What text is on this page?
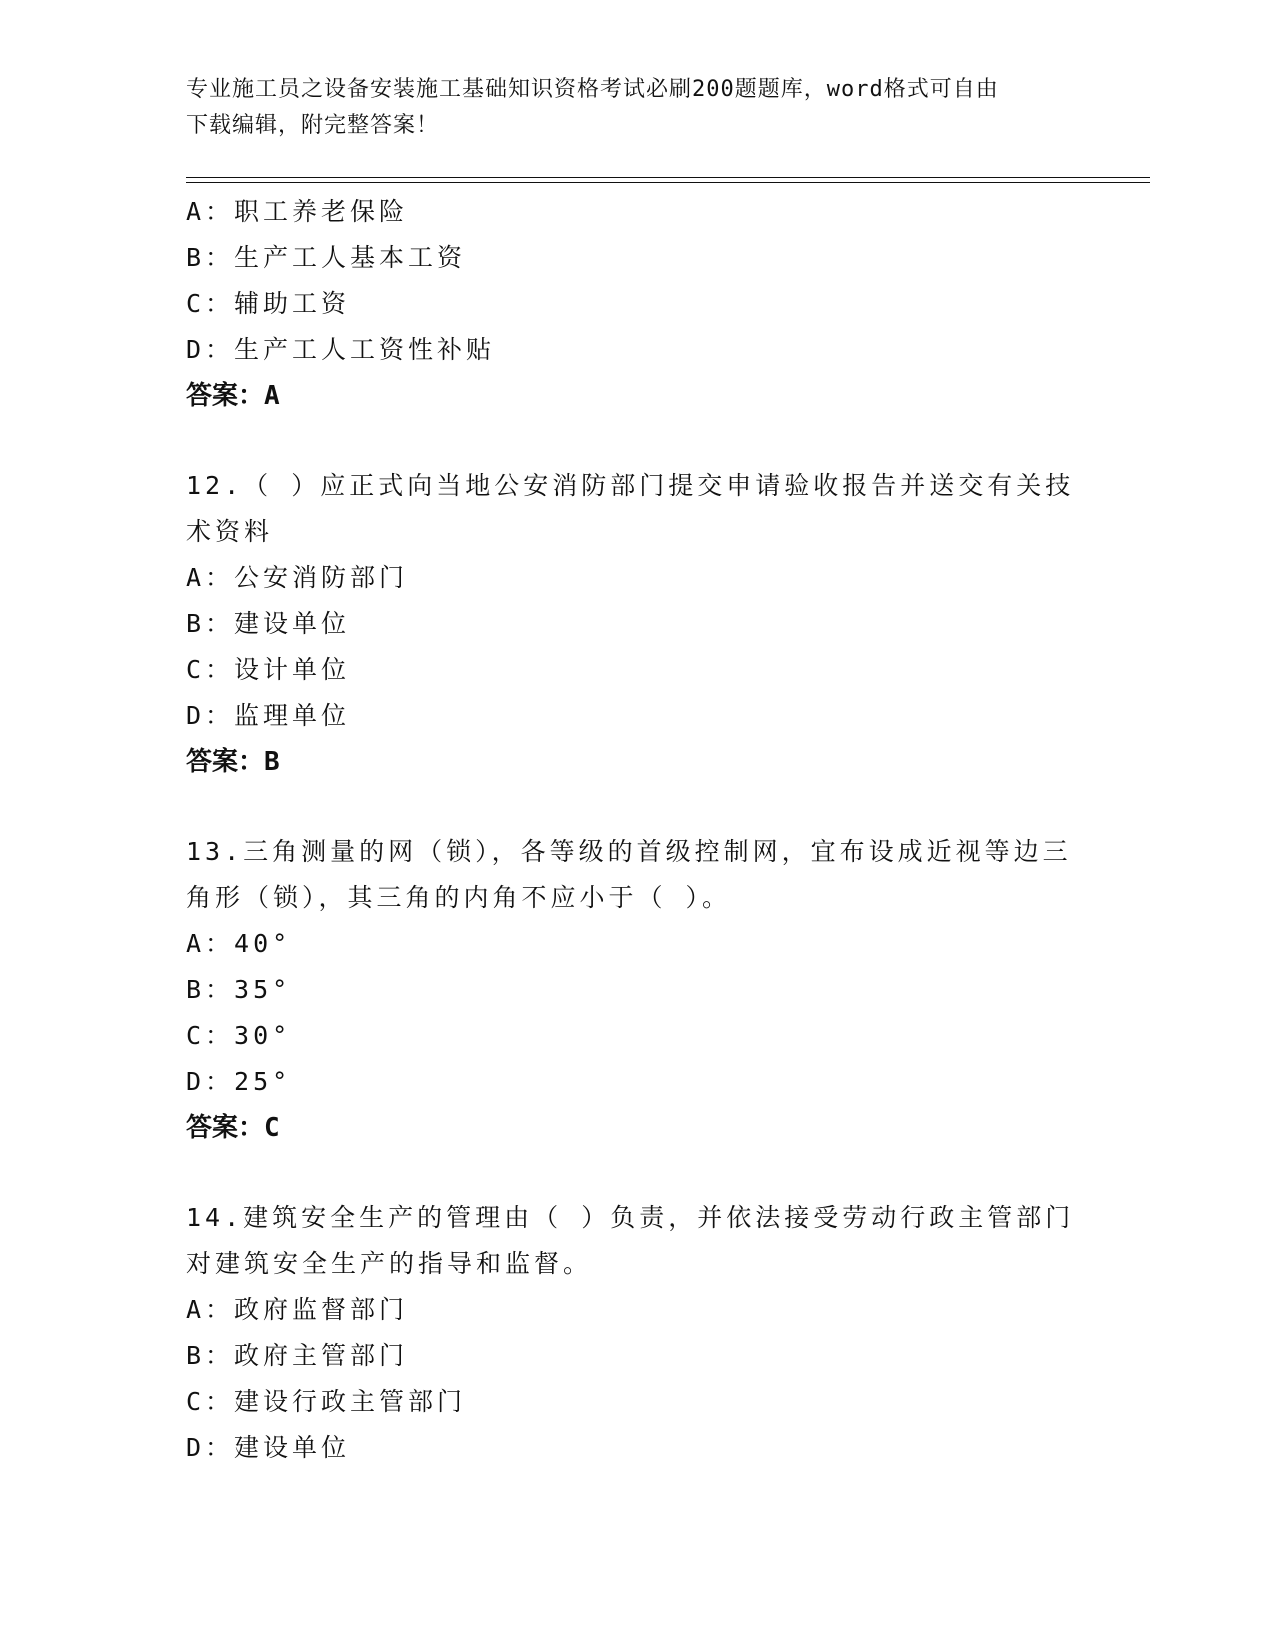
专业施工员之设备安装施工基础知识资格考试必刷200题题库，word格式可自由
下载编辑，附完整答案！
A：职工养老保险
B：生产工人基本工资
C：辅助工资
D：生产工人工资性补贴
答案：A
12.（ ）应正式向当地公安消防部门提交申请验收报告并送交有关技
术资料
A：公安消防部门
B：建设单位
C：设计单位
D：监理单位
答案：B
13.三角测量的网（锁），各等级的首级控制网，宜布设成近视等边三
角形（锁），其三角的内角不应小于（ ）。
A：40°
B：35°
C：30°
D：25°
答案：C
14.建筑安全生产的管理由（ ）负责，并依法接受劳动行政主管部门
对建筑安全生产的指导和监督。
A：政府监督部门
B：政府主管部门
C：建设行政主管部门
D：建设单位
